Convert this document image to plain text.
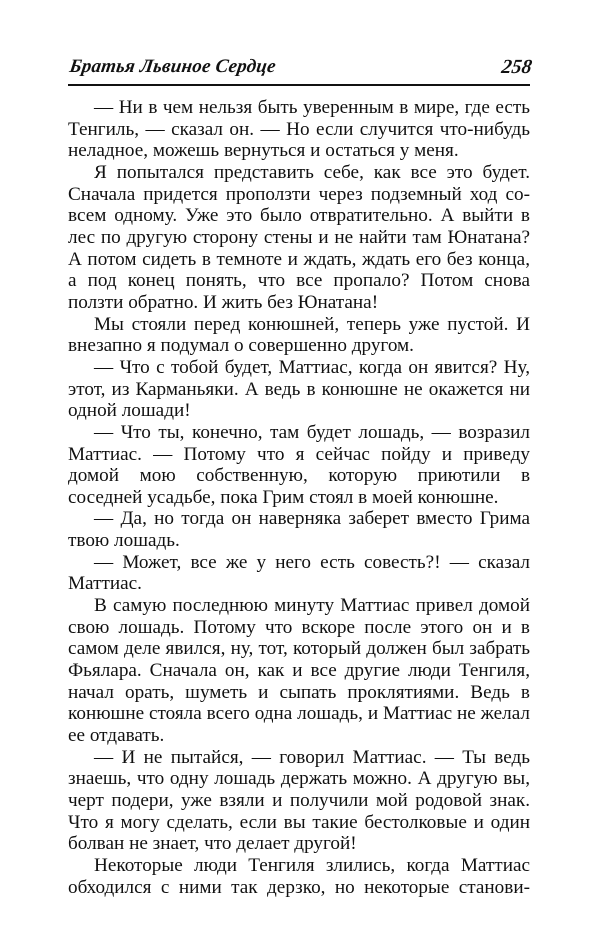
Братья Львиное Сердце	258

— Ни в чем нельзя быть уверенным в мире, где есть Тенгиль, — сказал он. — Но если случится что-нибудь неладное, можешь вернуться и остаться у меня.

Я попытался представить себе, как все это будет. Сначала придется проползти через подземный ход совсем одному. Уже это было отвратительно. А выйти в лес по другую сторону стены и не найти там Юнатана? А потом сидеть в темноте и ждать, ждать его без конца, а под конец понять, что все пропало? Потом снова ползти обратно. И жить без Юнатана!

Мы стояли перед конюшней, теперь уже пустой. И внезапно я подумал о совершенно другом.

— Что с тобой будет, Маттиас, когда он явится? Ну, этот, из Карманьяки. А ведь в конюшне не окажется ни одной лошади!

— Что ты, конечно, там будет лошадь, — возразил Маттиас. — Потому что я сейчас пойду и приведу домой мою собственную, которую приютили в соседней усадьбе, пока Грим стоял в моей конюшне.

— Да, но тогда он наверняка заберет вместо Грима твою лошадь.

— Может, все же у него есть совесть?! — сказал Маттиас.

В самую последнюю минуту Маттиас привел домой свою лошадь. Потому что вскоре после этого он и в самом деле явился, ну, тот, который должен был забрать Фьялара. Сначала он, как и все другие люди Тенгиля, начал орать, шуметь и сыпать проклятиями. Ведь в конюшне стояла всего одна лошадь, и Маттиас не желал ее отдавать.

— И не пытайся, — говорил Маттиас. — Ты ведь знаешь, что одну лошадь держать можно. А другую вы, черт подери, уже взяли и получили мой родовой знак. Что я могу сделать, если вы такие бестолковые и один болван не знает, что делает другой!

Некоторые люди Тенгиля злились, когда Маттиас обходился с ними так дерзко, но некоторые станови-
